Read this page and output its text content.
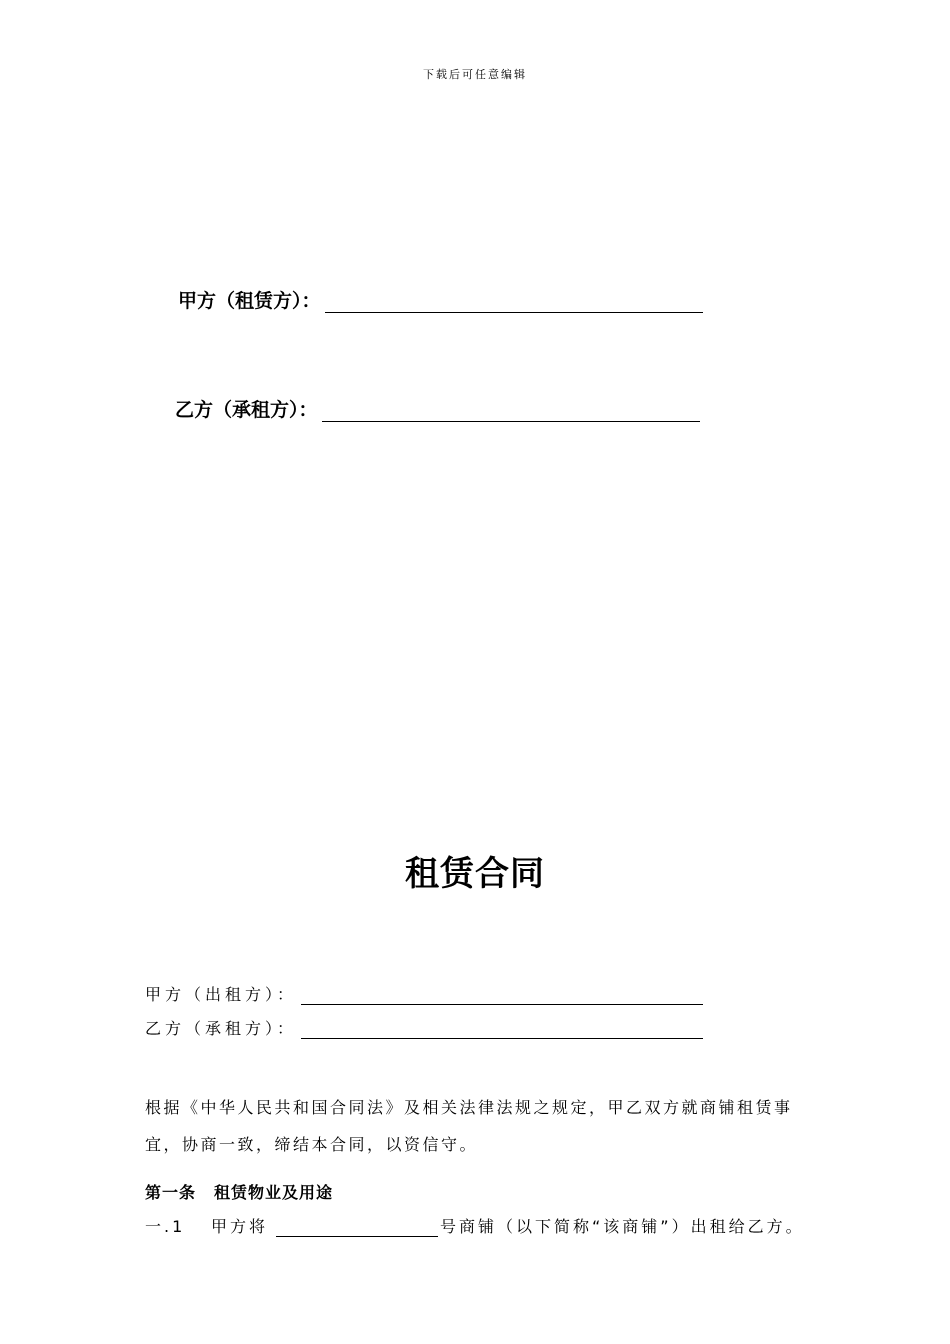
下载后可任意编辑
甲方（租赁方）：
乙方（承租方）：
租赁合同
甲方（出租方）：
乙方（承租方）：
根据《中华人民共和国合同法》及相关法律法规之规定，甲乙双方就商铺租赁事宜，协商一致，缔结本合同，以资信守。
第一条 租赁物业及用途
一.1	甲方将	号商铺（以下简称“该商铺”）出租给乙方。
